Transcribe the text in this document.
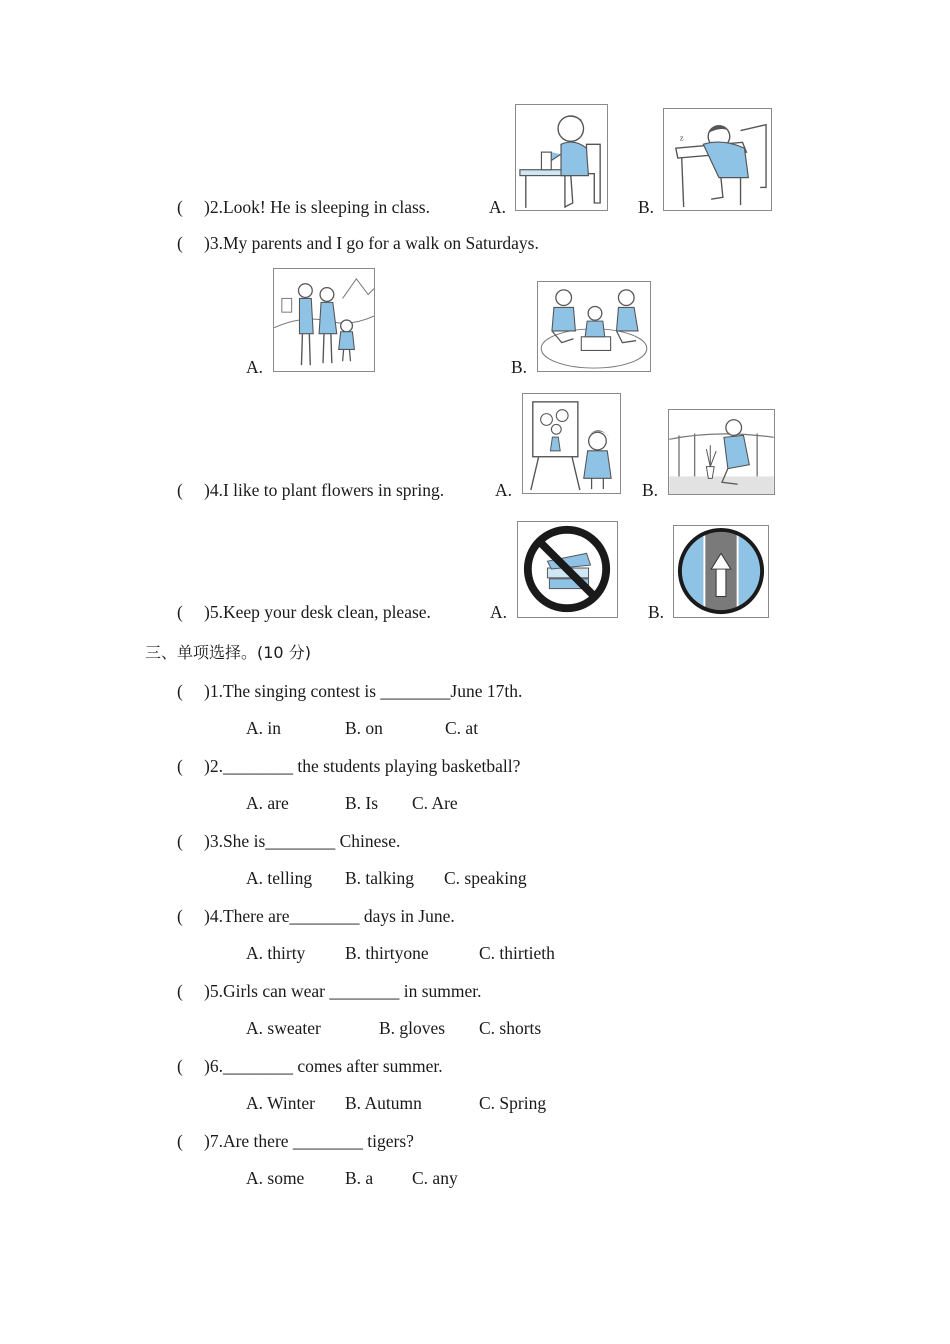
( )2.Look! He is sleeping in class.	A.	B.
z
( )3.My parents and I go for a walk on Saturdays.
A.	B.
( )4.I like to plant flowers in spring.	A.	B.
( )5.Keep your desk clean, please.	A.	B.
三、单项选择。(10 分)
( )1.The singing contest is ________June 17th.
A. in	B. on	C. at
( )2.________ the students playing basketball?
A. are	B. Is C. Are
( )3.She is________ Chinese.
A. telling B. talking C. speaking
( )4.There are________ days in June.
A. thirty B. thirtyone	C. thirtieth
( )5.Girls can wear ________ in summer.
A. sweater	B. gloves C. shorts
( )6.________ comes after summer.
A. Winter B. Autumn	C. Spring
( )7.Are there ________ tigers?
A. some B. a C. any
